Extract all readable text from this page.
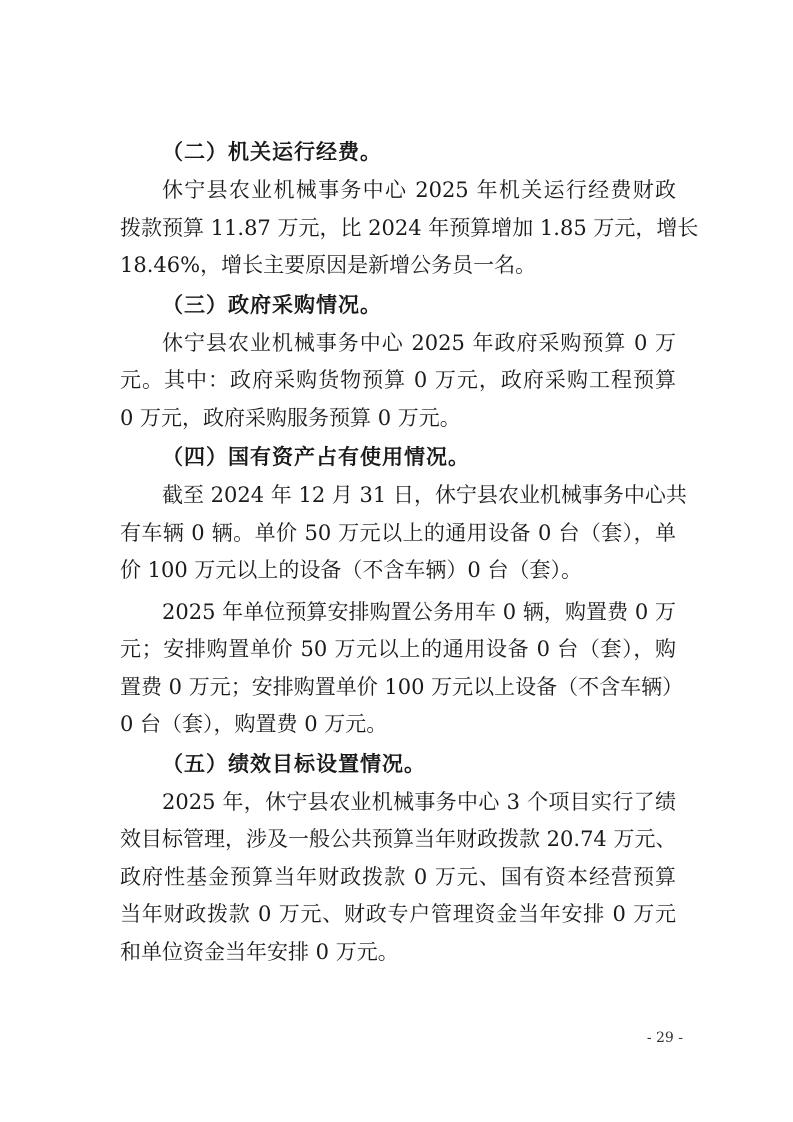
（二）机关运行经费。

休宁县农业机械事务中心 2025 年机关运行经费财政
拨款预算 11.87 万元，比 2024 年预算增加 1.85 万元，增长
18.46%，增长主要原因是新增公务员一名。

（三）政府采购情况。

休宁县农业机械事务中心 2025 年政府采购预算 0 万
元。其中：政府采购货物预算 0 万元，政府采购工程预算
0 万元，政府采购服务预算 0 万元。

（四）国有资产占有使用情况。

截至 2024 年 12 月 31 日，休宁县农业机械事务中心共
有车辆 0 辆。单价 50 万元以上的通用设备 0 台（套），单
价 100 万元以上的设备（不含车辆）0 台（套）。

2025 年单位预算安排购置公务用车 0 辆，购置费 0 万
元；安排购置单价 50 万元以上的通用设备 0 台（套），购
置费 0 万元；安排购置单价 100 万元以上设备（不含车辆）
0 台（套），购置费 0 万元。

（五）绩效目标设置情况。

2025 年，休宁县农业机械事务中心 3 个项目实行了绩
效目标管理，涉及一般公共预算当年财政拨款 20.74 万元、
政府性基金预算当年财政拨款 0 万元、国有资本经营预算
当年财政拨款 0 万元、财政专户管理资金当年安排 0 万元
和单位资金当年安排 0 万元。

- 29 -
